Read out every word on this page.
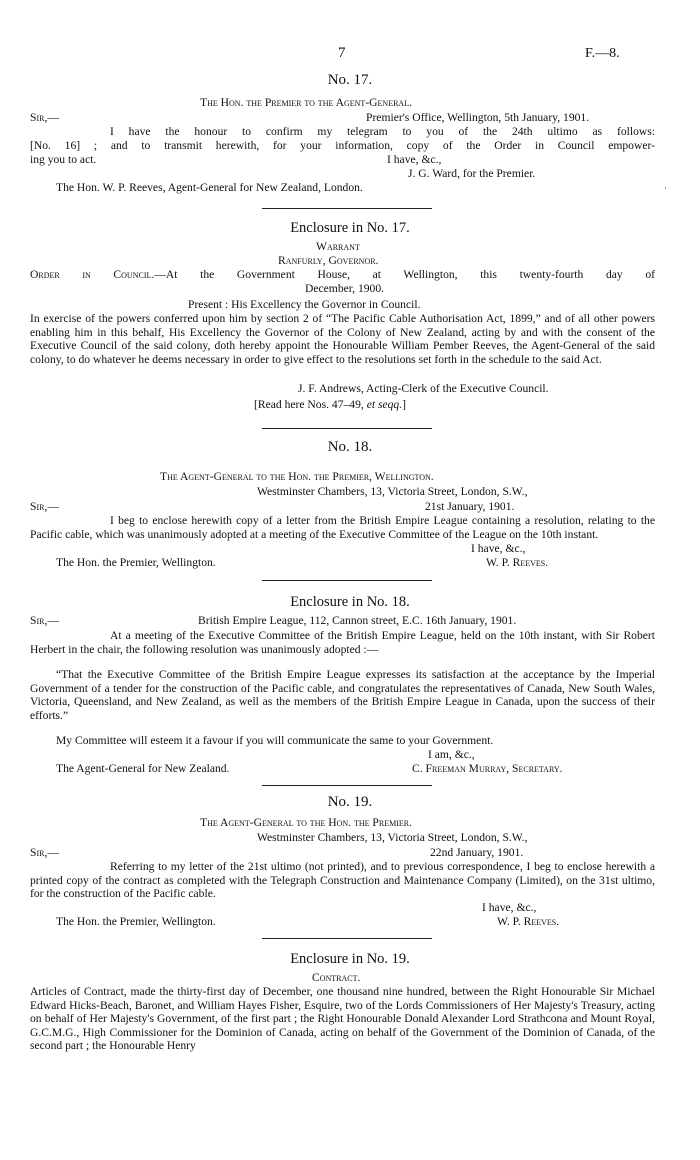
7	F.—8.
No. 17.
The Hon. the Premier to the Agent-General.
Sir,—	Premier's Office, Wellington, 5th January, 1901.
I have the honour to confirm my telegram to you of the 24th ultimo as follows:
[No. 16] ; and to transmit herewith, for your information, copy of the Order in Council empower-
ing you to act.	I have, &c.,
J. G. Ward, for the Premier.
The Hon. W. P. Reeves, Agent-General for New Zealand, London.	·
Enclosure in No. 17.
Warrant
Ranfurly, Governor.
Order in Council.—At the Government House, at Wellington, this twenty-fourth day of
December, 1900.
Present : His Excellency the Governor in Council.
In exercise of the powers conferred upon him by section 2 of “The Pacific Cable Authorisation Act, 1899,” and of all other powers enabling him in this behalf, His Excellency the Governor of the Colony of New Zealand, acting by and with the consent of the Executive Council of the said colony, doth hereby appoint the Honourable William Pember Reeves, the Agent-General of the said colony, to do whatever he deems necessary in order to give effect to the resolutions set forth in the schedule to the said Act.
J. F. Andrews, Acting-Clerk of the Executive Council.
[Read here Nos. 47–49, et seqq.]
No. 18.
The Agent-General to the Hon. the Premier, Wellington.
Westminster Chambers, 13, Victoria Street, London, S.W.,
Sir,—	21st January, 1901.
I beg to enclose herewith copy of a letter from the British Empire League containing a resolution, relating to the Pacific cable, which was unanimously adopted at a meeting of the Executive Committee of the League on the 10th instant.
I have, &c.,
The Hon. the Premier, Wellington.	W. P. Reeves.
Enclosure in No. 18.
Sir,—	British Empire League, 112, Cannon street, E.C. 16th January, 1901.
At a meeting of the Executive Committee of the British Empire League, held on the 10th instant, with Sir Robert Herbert in the chair, the following resolution was unanimously adopted :—
“That the Executive Committee of the British Empire League expresses its satisfaction at the acceptance by the Imperial Government of a tender for the construction of the Pacific cable, and congratulates the representatives of Canada, New South Wales, Victoria, Queensland, and New Zealand, as well as the members of the British Empire League in Canada, upon the success of their efforts.”
My Committee will esteem it a favour if you will communicate the same to your Government.
I am, &c.,
The Agent-General for New Zealand.	C. Freeman Murray, Secretary.
No. 19.
The Agent-General to the Hon. the Premier.
Westminster Chambers, 13, Victoria Street, London, S.W.,
Sir,—	22nd January, 1901.
Referring to my letter of the 21st ultimo (not printed), and to previous correspondence, I beg to enclose herewith a printed copy of the contract as completed with the Telegraph Construction and Maintenance Company (Limited), on the 31st ultimo, for the construction of the Pacific cable.
I have, &c.,
The Hon. the Premier, Wellington.	W. P. Reeves.
Enclosure in No. 19.
Contract.
Articles of Contract, made the thirty-first day of December, one thousand nine hundred, between the Right Honourable Sir Michael Edward Hicks-Beach, Baronet, and William Hayes Fisher, Esquire, two of the Lords Commissioners of Her Majesty's Treasury, acting on behalf of Her Majesty's Government, of the first part ; the Right Honourable Donald Alexander Lord Strathcona and Mount Royal, G.C.M.G., High Commissioner for the Dominion of Canada, acting on behalf of the Government of the Dominion of Canada, of the second part ; the Honourable Henry
